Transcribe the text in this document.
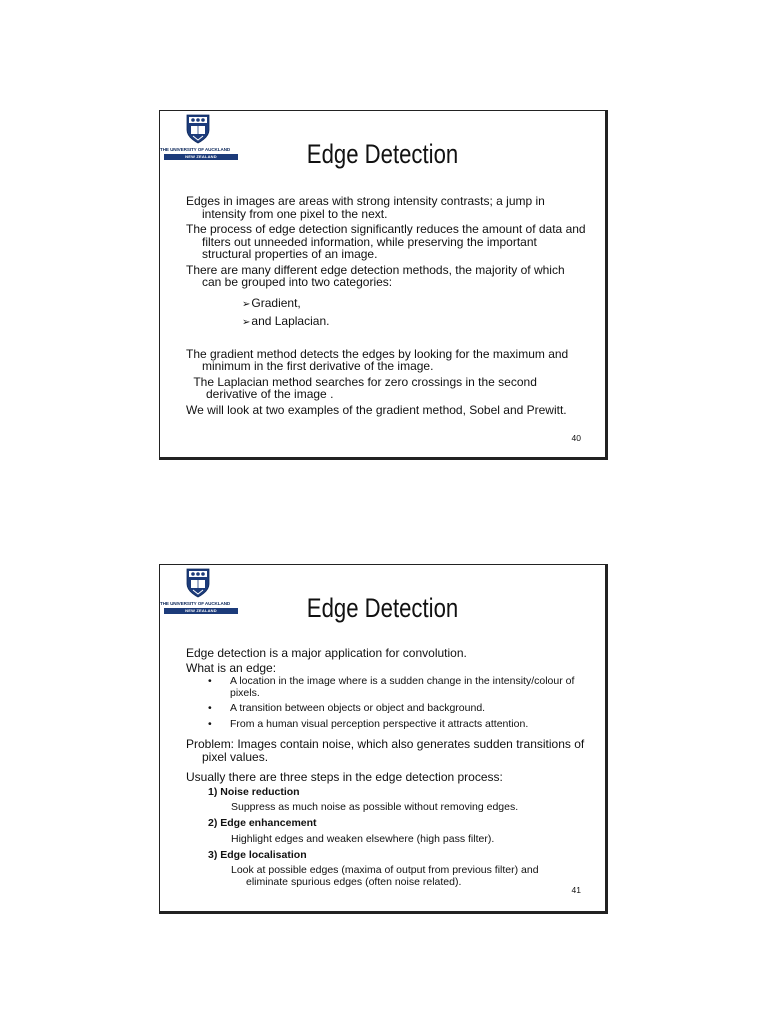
THE UNIVERSITY OF AUCKLAND
NEW ZEALAND	Edge Detection

Edges in images are areas with strong intensity contrasts; a jump in intensity from one pixel to the next.

The process of edge detection significantly reduces the amount of data and filters out unneeded information, while preserving the important structural properties of an image.

There are many different edge detection methods, the majority of which can be grouped into two categories:

➢Gradient,

➢and Laplacian.

The gradient method detects the edges by looking for the maximum and minimum in the first derivative of the image.

The Laplacian method searches for zero crossings in the second derivative of the image .

We will look at two examples of the gradient method, Sobel and Prewitt.

40
THE UNIVERSITY OF AUCKLAND
NEW ZEALAND	Edge Detection

Edge detection is a major application for convolution.

What is an edge:

• A location in the image where is a sudden change in the intensity/colour of pixels.
• A transition between objects or object and background.
• From a human visual perception perspective it attracts attention.

Problem: Images contain noise, which also generates sudden transitions of pixel values.

Usually there are three steps in the edge detection process:

1) Noise reduction
Suppress as much noise as possible without removing edges.
2) Edge enhancement
Highlight edges and weaken elsewhere (high pass filter).
3) Edge localisation
Look at possible edges (maxima of output from previous filter) and
eliminate spurious edges (often noise related).
41
